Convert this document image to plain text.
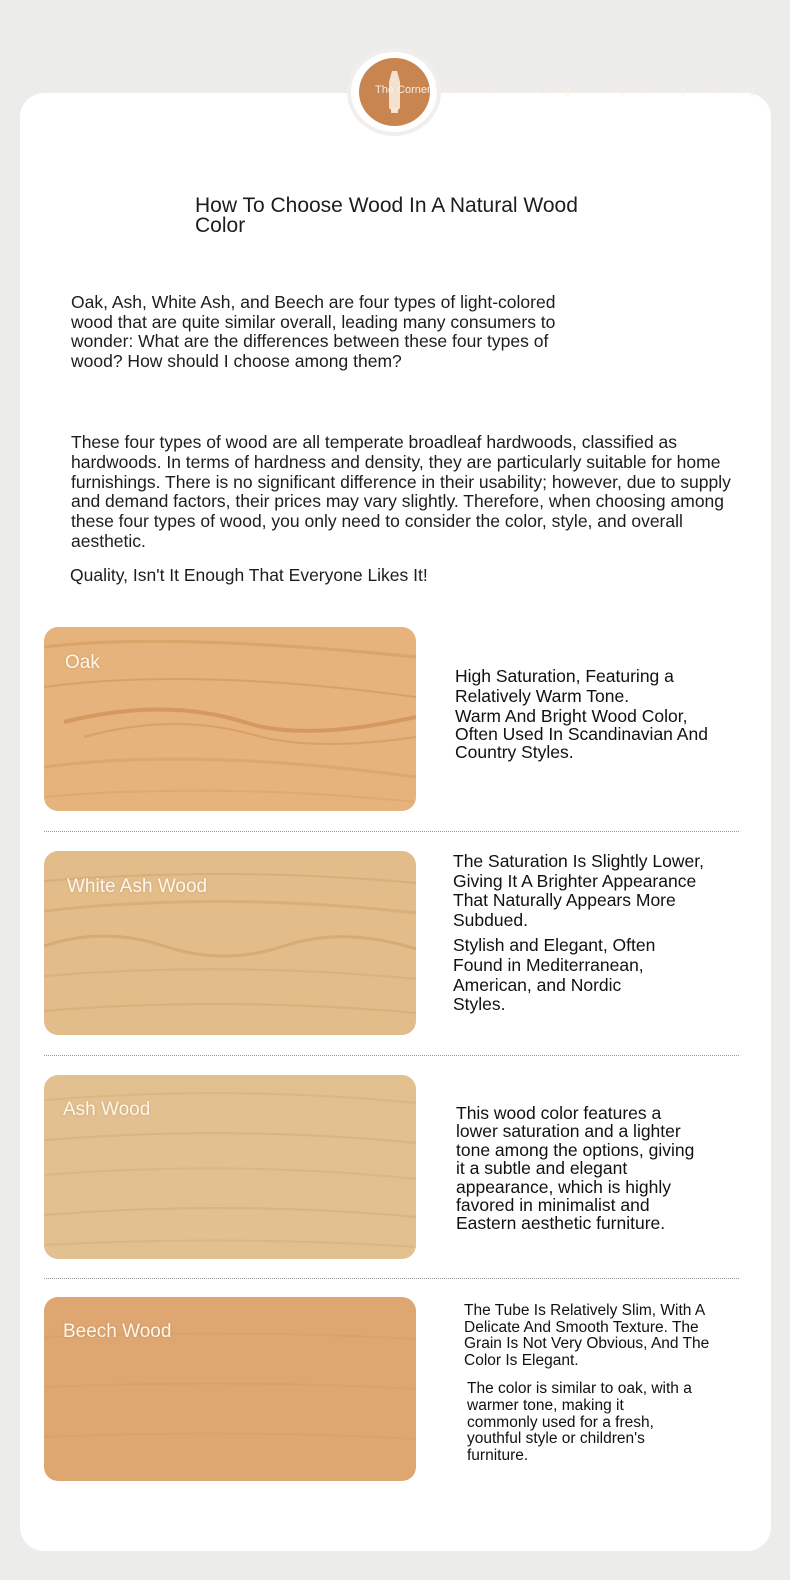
The Corner Table features a sleek design that complements any modern living
How To Choose Wood In A Natural Wood Color
Oak, Ash, White Ash, and Beech are four types of light-colored wood that are quite similar overall, leading many consumers to wonder: What are the differences between these four types of wood? How should I choose among them?
These four types of wood are all temperate broadleaf hardwoods, classified as hardwoods. In terms of hardness and density, they are particularly suitable for home furnishings. There is no significant difference in their usability; however, due to supply and demand factors, their prices may vary slightly. Therefore, when choosing among these four types of wood, you only need to consider the color, style, and overall aesthetic.
Quality, Isn't It Enough That Everyone Likes It!
Oak

High Saturation, Featuring a Relatively Warm Tone.

Warm And Bright Wood Color, Often Used In Scandinavian And Country Styles.

White Ash Wood

The Saturation Is Slightly Lower, Giving It A Brighter Appearance That Naturally Appears More Subdued.

Stylish and Elegant, Often Found in Mediterranean, American, and Nordic Styles.

Ash Wood	This wood color features a lower saturation and a lighter tone among the options, giving it a subtle and elegant appearance, which is highly favored in minimalist and Eastern aesthetic furniture.

Beech Wood

The Tube Is Relatively Slim, With A Delicate And Smooth Texture. The Grain Is Not Very Obvious, And The Color Is Elegant.

The color is similar to oak, with a warmer tone, making it commonly used for a fresh, youthful style or children's furniture.
